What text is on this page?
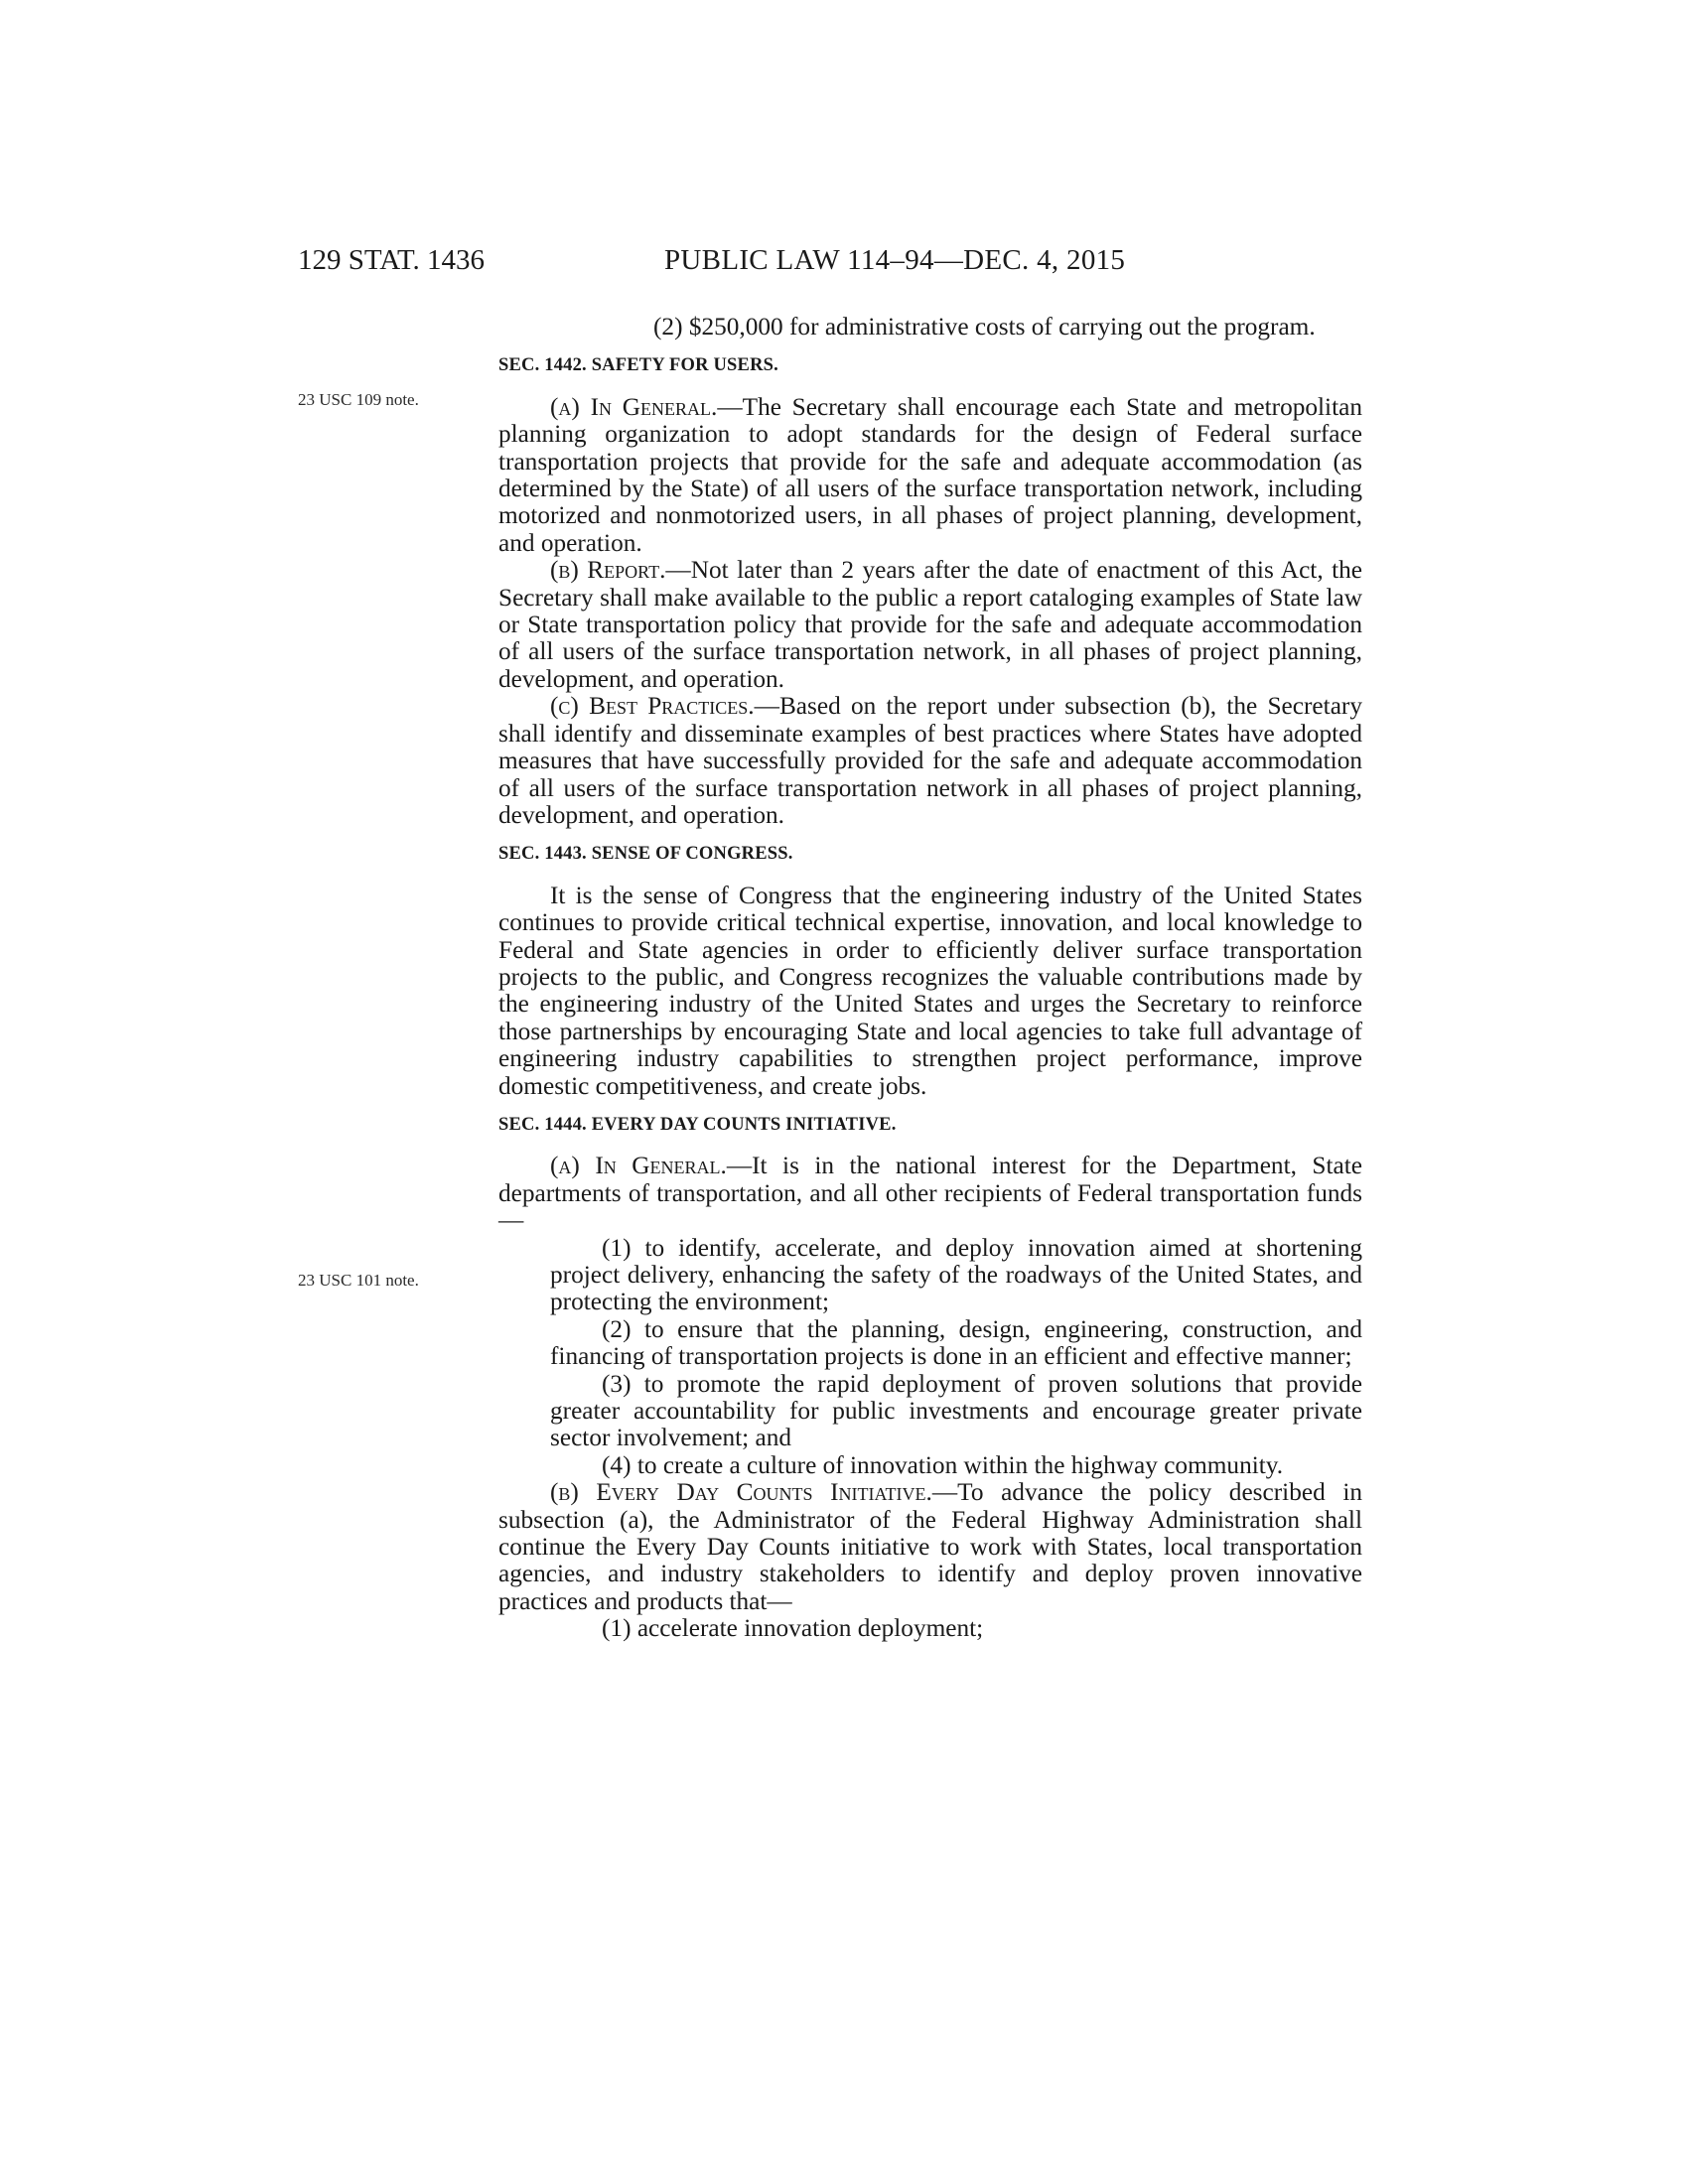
129 STAT. 1436	PUBLIC LAW 114–94—DEC. 4, 2015
23 USC 109 note.
23 USC 101 note.

(2) $250,000 for administrative costs of carrying out the program.

SEC. 1442. SAFETY FOR USERS.

(a) In General.—The Secretary shall encourage each State and metropolitan planning organization to adopt standards for the design of Federal surface transportation projects that provide for the safe and adequate accommodation (as determined by the State) of all users of the surface transportation network, including motorized and nonmotorized users, in all phases of project planning, development, and operation.

(b) Report.—Not later than 2 years after the date of enactment of this Act, the Secretary shall make available to the public a report cataloging examples of State law or State transportation policy that provide for the safe and adequate accommodation of all users of the surface transportation network, in all phases of project planning, development, and operation.

(c) Best Practices.—Based on the report under subsection (b), the Secretary shall identify and disseminate examples of best practices where States have adopted measures that have successfully provided for the safe and adequate accommodation of all users of the surface transportation network in all phases of project planning, development, and operation.

SEC. 1443. SENSE OF CONGRESS.

It is the sense of Congress that the engineering industry of the United States continues to provide critical technical expertise, innovation, and local knowledge to Federal and State agencies in order to efficiently deliver surface transportation projects to the public, and Congress recognizes the valuable contributions made by the engineering industry of the United States and urges the Secretary to reinforce those partnerships by encouraging State and local agencies to take full advantage of engineering industry capabilities to strengthen project performance, improve domestic competitiveness, and create jobs.

SEC. 1444. EVERY DAY COUNTS INITIATIVE.

(a) In General.—It is in the national interest for the Department, State departments of transportation, and all other recipients of Federal transportation funds—

(1) to identify, accelerate, and deploy innovation aimed at shortening project delivery, enhancing the safety of the roadways of the United States, and protecting the environment;

(2) to ensure that the planning, design, engineering, construction, and financing of transportation projects is done in an efficient and effective manner;

(3) to promote the rapid deployment of proven solutions that provide greater accountability for public investments and encourage greater private sector involvement; and

(4) to create a culture of innovation within the highway community.

(b) Every Day Counts Initiative.—To advance the policy described in subsection (a), the Administrator of the Federal Highway Administration shall continue the Every Day Counts initiative to work with States, local transportation agencies, and industry stakeholders to identify and deploy proven innovative practices and products that—

(1) accelerate innovation deployment;
